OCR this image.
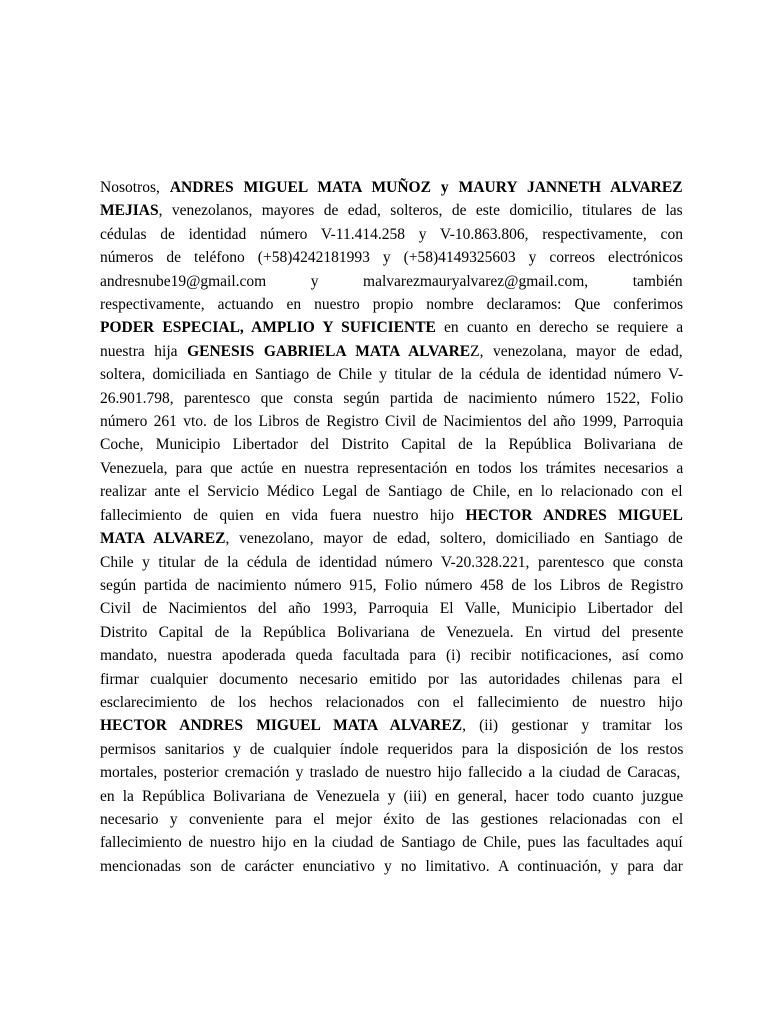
Nosotros, ANDRES MIGUEL MATA MUÑOZ y MAURY JANNETH ALVAREZ
MEJIAS, venezolanos, mayores de edad, solteros, de este domicilio, titulares de las
cédulas de identidad número V-11.414.258 y V-10.863.806, respectivamente, con
números de teléfono (+58)4242181993 y (+58)4149325603 y correos electrónicos
andresnube19@gmail.com y malvarezmauryalvarez@gmail.com, también
respectivamente, actuando en nuestro propio nombre declaramos: Que conferimos
PODER ESPECIAL, AMPLIO Y SUFICIENTE en cuanto en derecho se requiere a
nuestra hija GENESIS GABRIELA MATA ALVAREZ, venezolana, mayor de edad,
soltera, domiciliada en Santiago de Chile y titular de la cédula de identidad número V-
26.901.798, parentesco que consta según partida de nacimiento número 1522, Folio
número 261 vto. de los Libros de Registro Civil de Nacimientos del año 1999, Parroquia
Coche, Municipio Libertador del Distrito Capital de la República Bolivariana de
Venezuela, para que actúe en nuestra representación en todos los trámites necesarios a
realizar ante el Servicio Médico Legal de Santiago de Chile, en lo relacionado con el
fallecimiento de quien en vida fuera nuestro hijo HECTOR ANDRES MIGUEL
MATA ALVAREZ, venezolano, mayor de edad, soltero, domiciliado en Santiago de
Chile y titular de la cédula de identidad número V-20.328.221, parentesco que consta
según partida de nacimiento número 915, Folio número 458 de los Libros de Registro
Civil de Nacimientos del año 1993, Parroquia El Valle, Municipio Libertador del
Distrito Capital de la República Bolivariana de Venezuela. En virtud del presente
mandato, nuestra apoderada queda facultada para (i) recibir notificaciones, así como
firmar cualquier documento necesario emitido por las autoridades chilenas para el
esclarecimiento de los hechos relacionados con el fallecimiento de nuestro hijo
HECTOR ANDRES MIGUEL MATA ALVAREZ, (ii) gestionar y tramitar los
permisos sanitarios y de cualquier índole requeridos para la disposición de los restos
mortales, posterior cremación y traslado de nuestro hijo fallecido a la ciudad de Caracas,
en la República Bolivariana de Venezuela y (iii) en general, hacer todo cuanto juzgue
necesario y conveniente para el mejor éxito de las gestiones relacionadas con el
fallecimiento de nuestro hijo en la ciudad de Santiago de Chile, pues las facultades aquí
mencionadas son de carácter enunciativo y no limitativo. A continuación, y para dar
